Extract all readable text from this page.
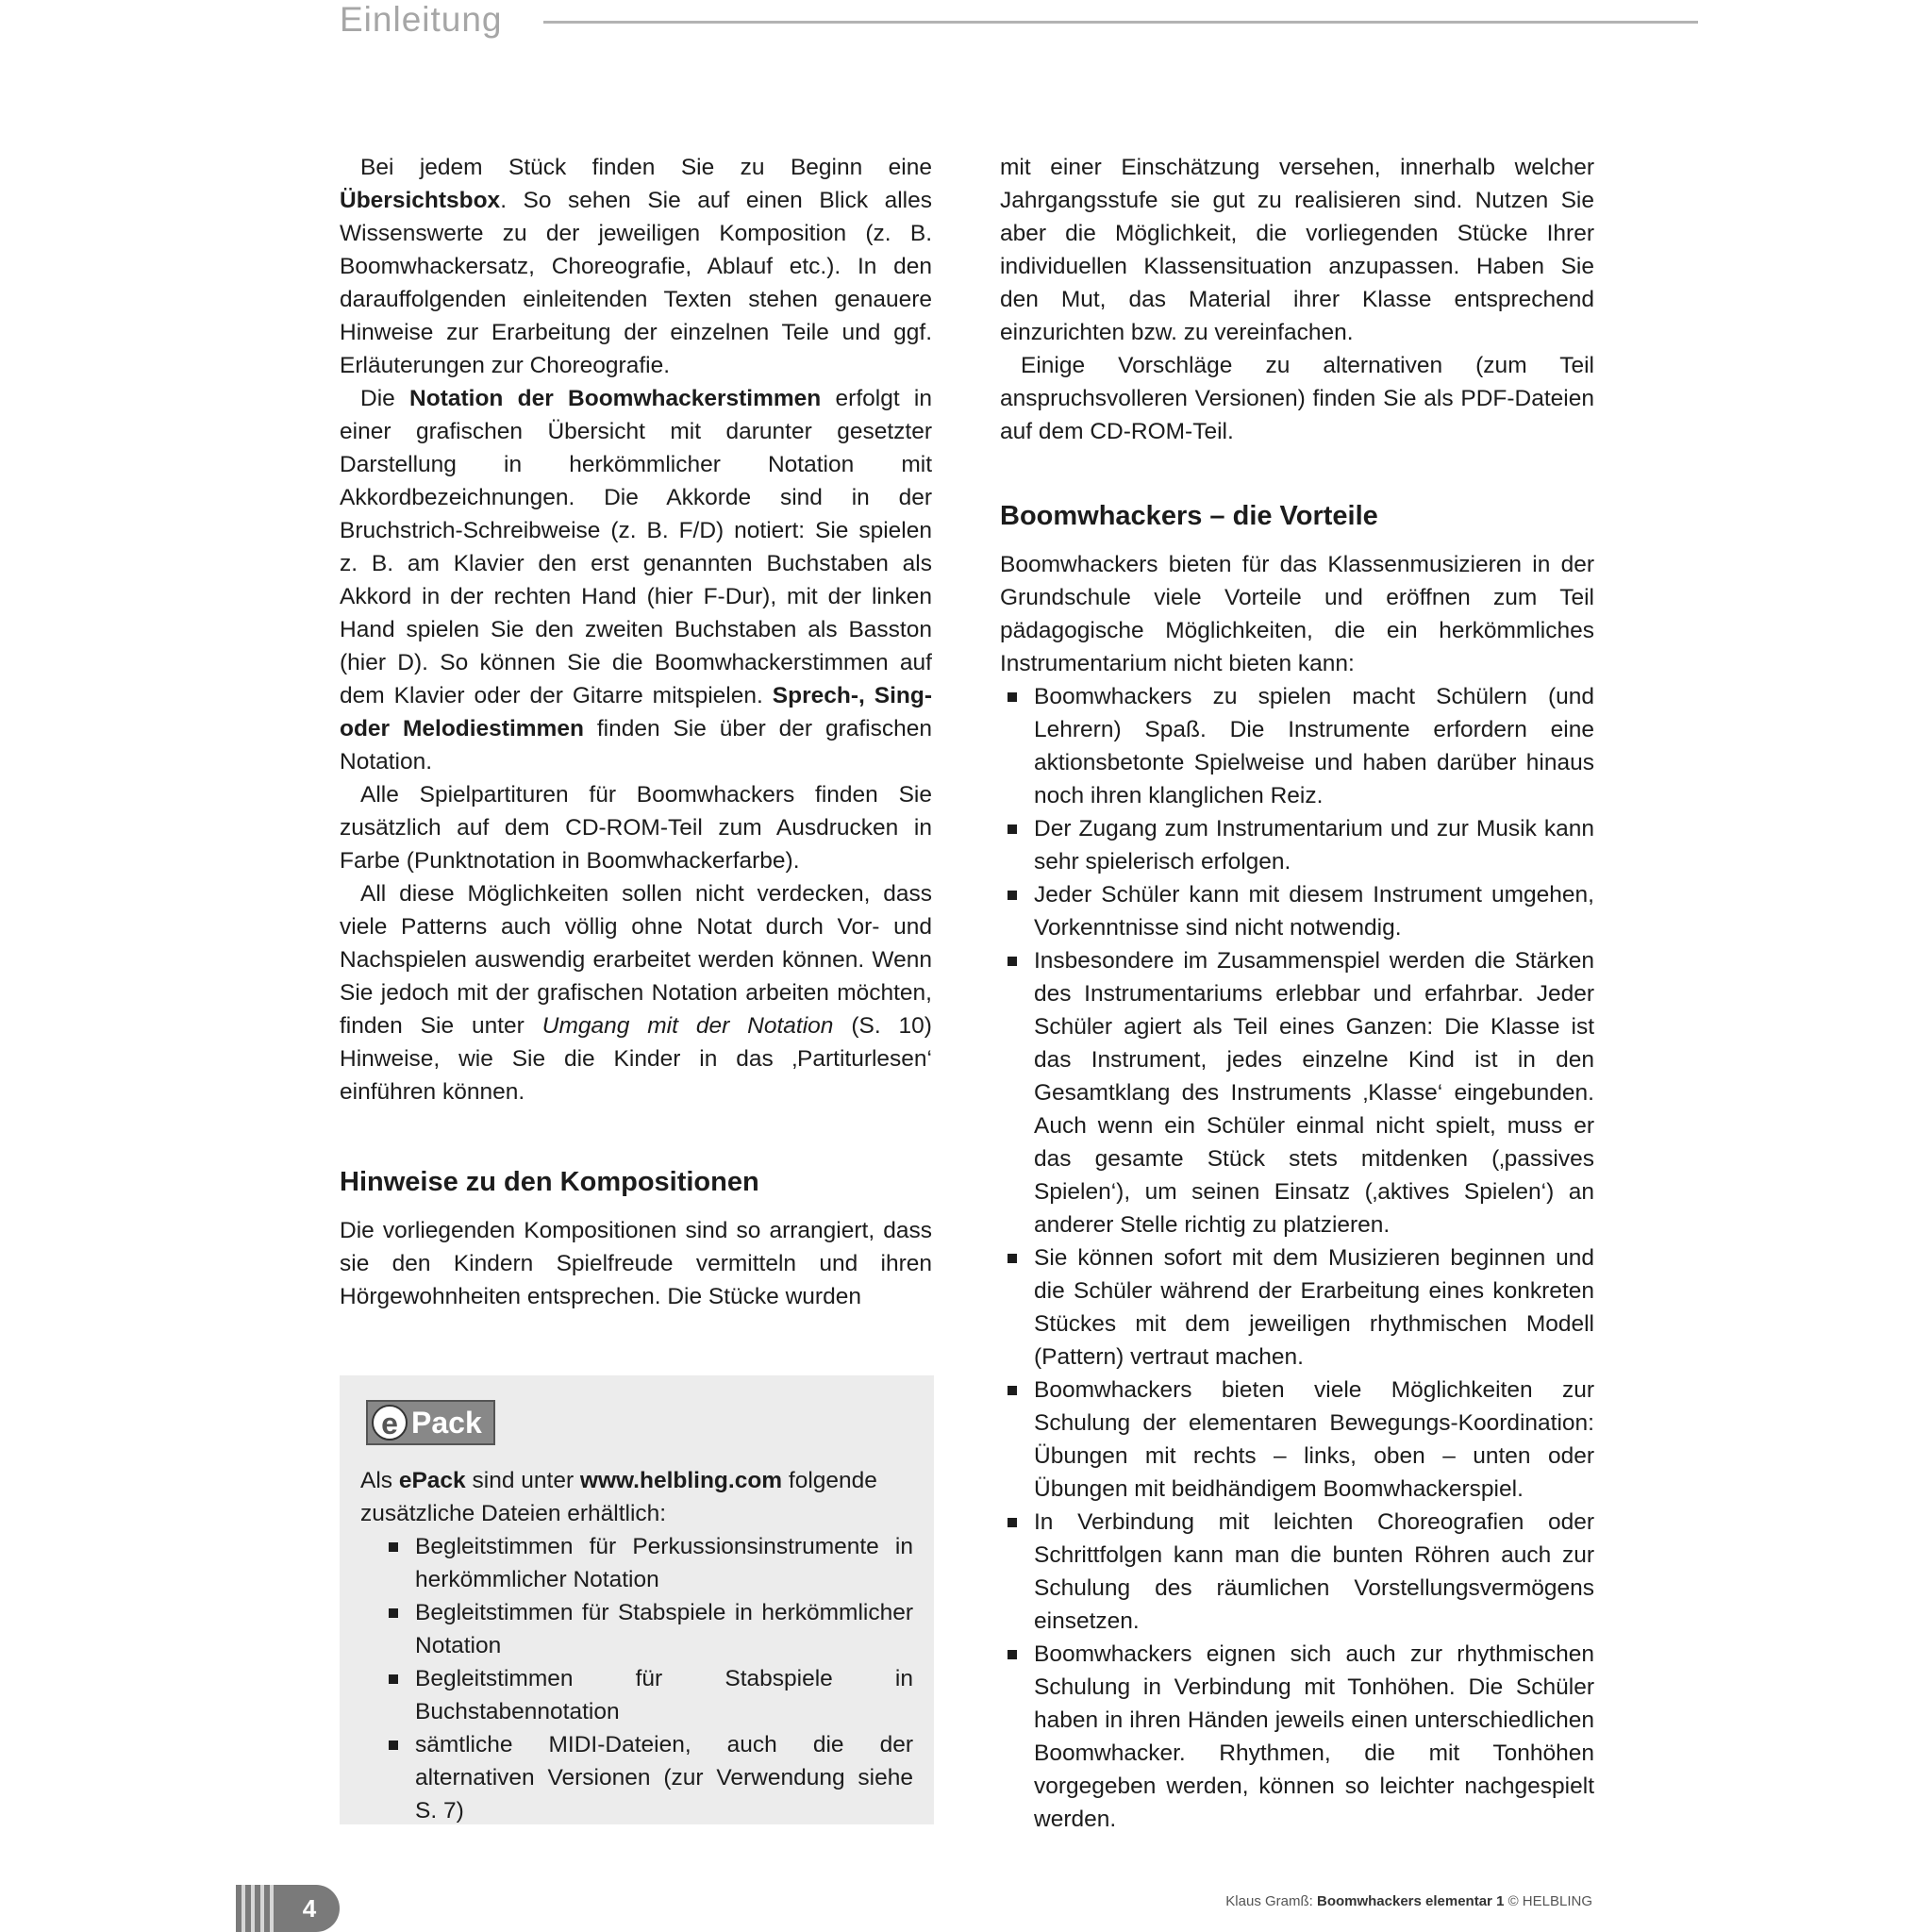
Einleitung

Bei jedem Stück finden Sie zu Beginn eine Übersichtsbox. So sehen Sie auf einen Blick alles Wissenswerte zu der jeweiligen Komposition (z. B. Boomwhackersatz, Choreografie, Ablauf etc.). In den darauffolgenden einleitenden Texten stehen genauere Hinweise zur Erarbeitung der einzelnen Teile und ggf. Erläuterungen zur Choreografie.

Die Notation der Boomwhackerstimmen erfolgt in einer grafischen Übersicht mit darunter gesetzter Darstellung in herkömmlicher Notation mit Akkordbezeichnungen. Die Akkorde sind in der Bruchstrich-Schreibweise (z. B. F/D) notiert: Sie spielen z. B. am Klavier den erst genannten Buchstaben als Akkord in der rechten Hand (hier F-Dur), mit der linken Hand spielen Sie den zweiten Buchstaben als Basston (hier D). So können Sie die Boomwhackerstimmen auf dem Klavier oder der Gitarre mitspielen. Sprech-, Sing- oder Melodiestimmen finden Sie über der grafischen Notation.

Alle Spielpartituren für Boomwhackers finden Sie zusätzlich auf dem CD-ROM-Teil zum Ausdrucken in Farbe (Punktnotation in Boomwhackerfarbe).

All diese Möglichkeiten sollen nicht verdecken, dass viele Patterns auch völlig ohne Notat durch Vor- und Nachspielen auswendig erarbeitet werden können. Wenn Sie jedoch mit der grafischen Notation arbeiten möchten, finden Sie unter Umgang mit der Notation (S. 10) Hinweise, wie Sie die Kinder in das ‚Partiturlesen‘ einführen können.

Hinweise zu den Kompositionen

Die vorliegenden Kompositionen sind so arrangiert, dass sie den Kindern Spielfreude vermitteln und ihren Hörgewohnheiten entsprechen. Die Stücke wurden

mit einer Einschätzung versehen, innerhalb welcher Jahrgangsstufe sie gut zu realisieren sind. Nutzen Sie aber die Möglichkeit, die vorliegenden Stücke Ihrer individuellen Klassensituation anzupassen. Haben Sie den Mut, das Material ihrer Klasse entsprechend einzurichten bzw. zu vereinfachen.

Einige Vorschläge zu alternativen (zum Teil anspruchsvolleren Versionen) finden Sie als PDF-Dateien auf dem CD-ROM-Teil.

Boomwhackers – die Vorteile

Boomwhackers bieten für das Klassenmusizieren in der Grundschule viele Vorteile und eröffnen zum Teil pädagogische Möglichkeiten, die ein herkömmliches Instrumentarium nicht bieten kann:

Boomwhackers zu spielen macht Schülern (und Lehrern) Spaß. Die Instrumente erfordern eine aktionsbetonte Spielweise und haben darüber hinaus noch ihren klanglichen Reiz.
Der Zugang zum Instrumentarium und zur Musik kann sehr spielerisch erfolgen.
Jeder Schüler kann mit diesem Instrument umgehen, Vorkenntnisse sind nicht notwendig.
Insbesondere im Zusammenspiel werden die Stärken des Instrumentariums erlebbar und erfahrbar. Jeder Schüler agiert als Teil eines Ganzen: Die Klasse ist das Instrument, jedes einzelne Kind ist in den Gesamtklang des Instruments ‚Klasse‘ eingebunden. Auch wenn ein Schüler einmal nicht spielt, muss er das gesamte Stück stets mitdenken (‚passives Spielen‘), um seinen Einsatz (‚aktives Spielen‘) an anderer Stelle richtig zu platzieren.
Sie können sofort mit dem Musizieren beginnen und die Schüler während der Erarbeitung eines konkreten Stückes mit dem jeweiligen rhythmischen Modell (Pattern) vertraut machen.
Boomwhackers bieten viele Möglichkeiten zur Schulung der elementaren Bewegungs-Koordination: Übungen mit rechts – links, oben – unten oder Übungen mit beidhändigem Boomwhackerspiel.
In Verbindung mit leichten Choreografien oder Schrittfolgen kann man die bunten Röhren auch zur Schulung des räumlichen Vorstellungsvermögens einsetzen.
Boomwhackers eignen sich auch zur rhythmischen Schulung in Verbindung mit Tonhöhen. Die Schüler haben in ihren Händen jeweils einen unterschiedlichen Boomwhacker. Rhythmen, die mit Tonhöhen vorgegeben werden, können so leichter nachgespielt werden.
e Pack

Als ePack sind unter www.helbling.com folgende zusätzliche Dateien erhältlich:

Begleitstimmen für Perkussionsinstrumente in herkömmlicher Notation
Begleitstimmen für Stabspiele in herkömmlicher Notation
Begleitstimmen für Stabspiele in Buchstabennotation
sämtliche MIDI-Dateien, auch die der alternativen Versionen (zur Verwendung siehe S. 7)
4	Klaus Gramß: Boomwhackers elementar 1 © HELBLING
